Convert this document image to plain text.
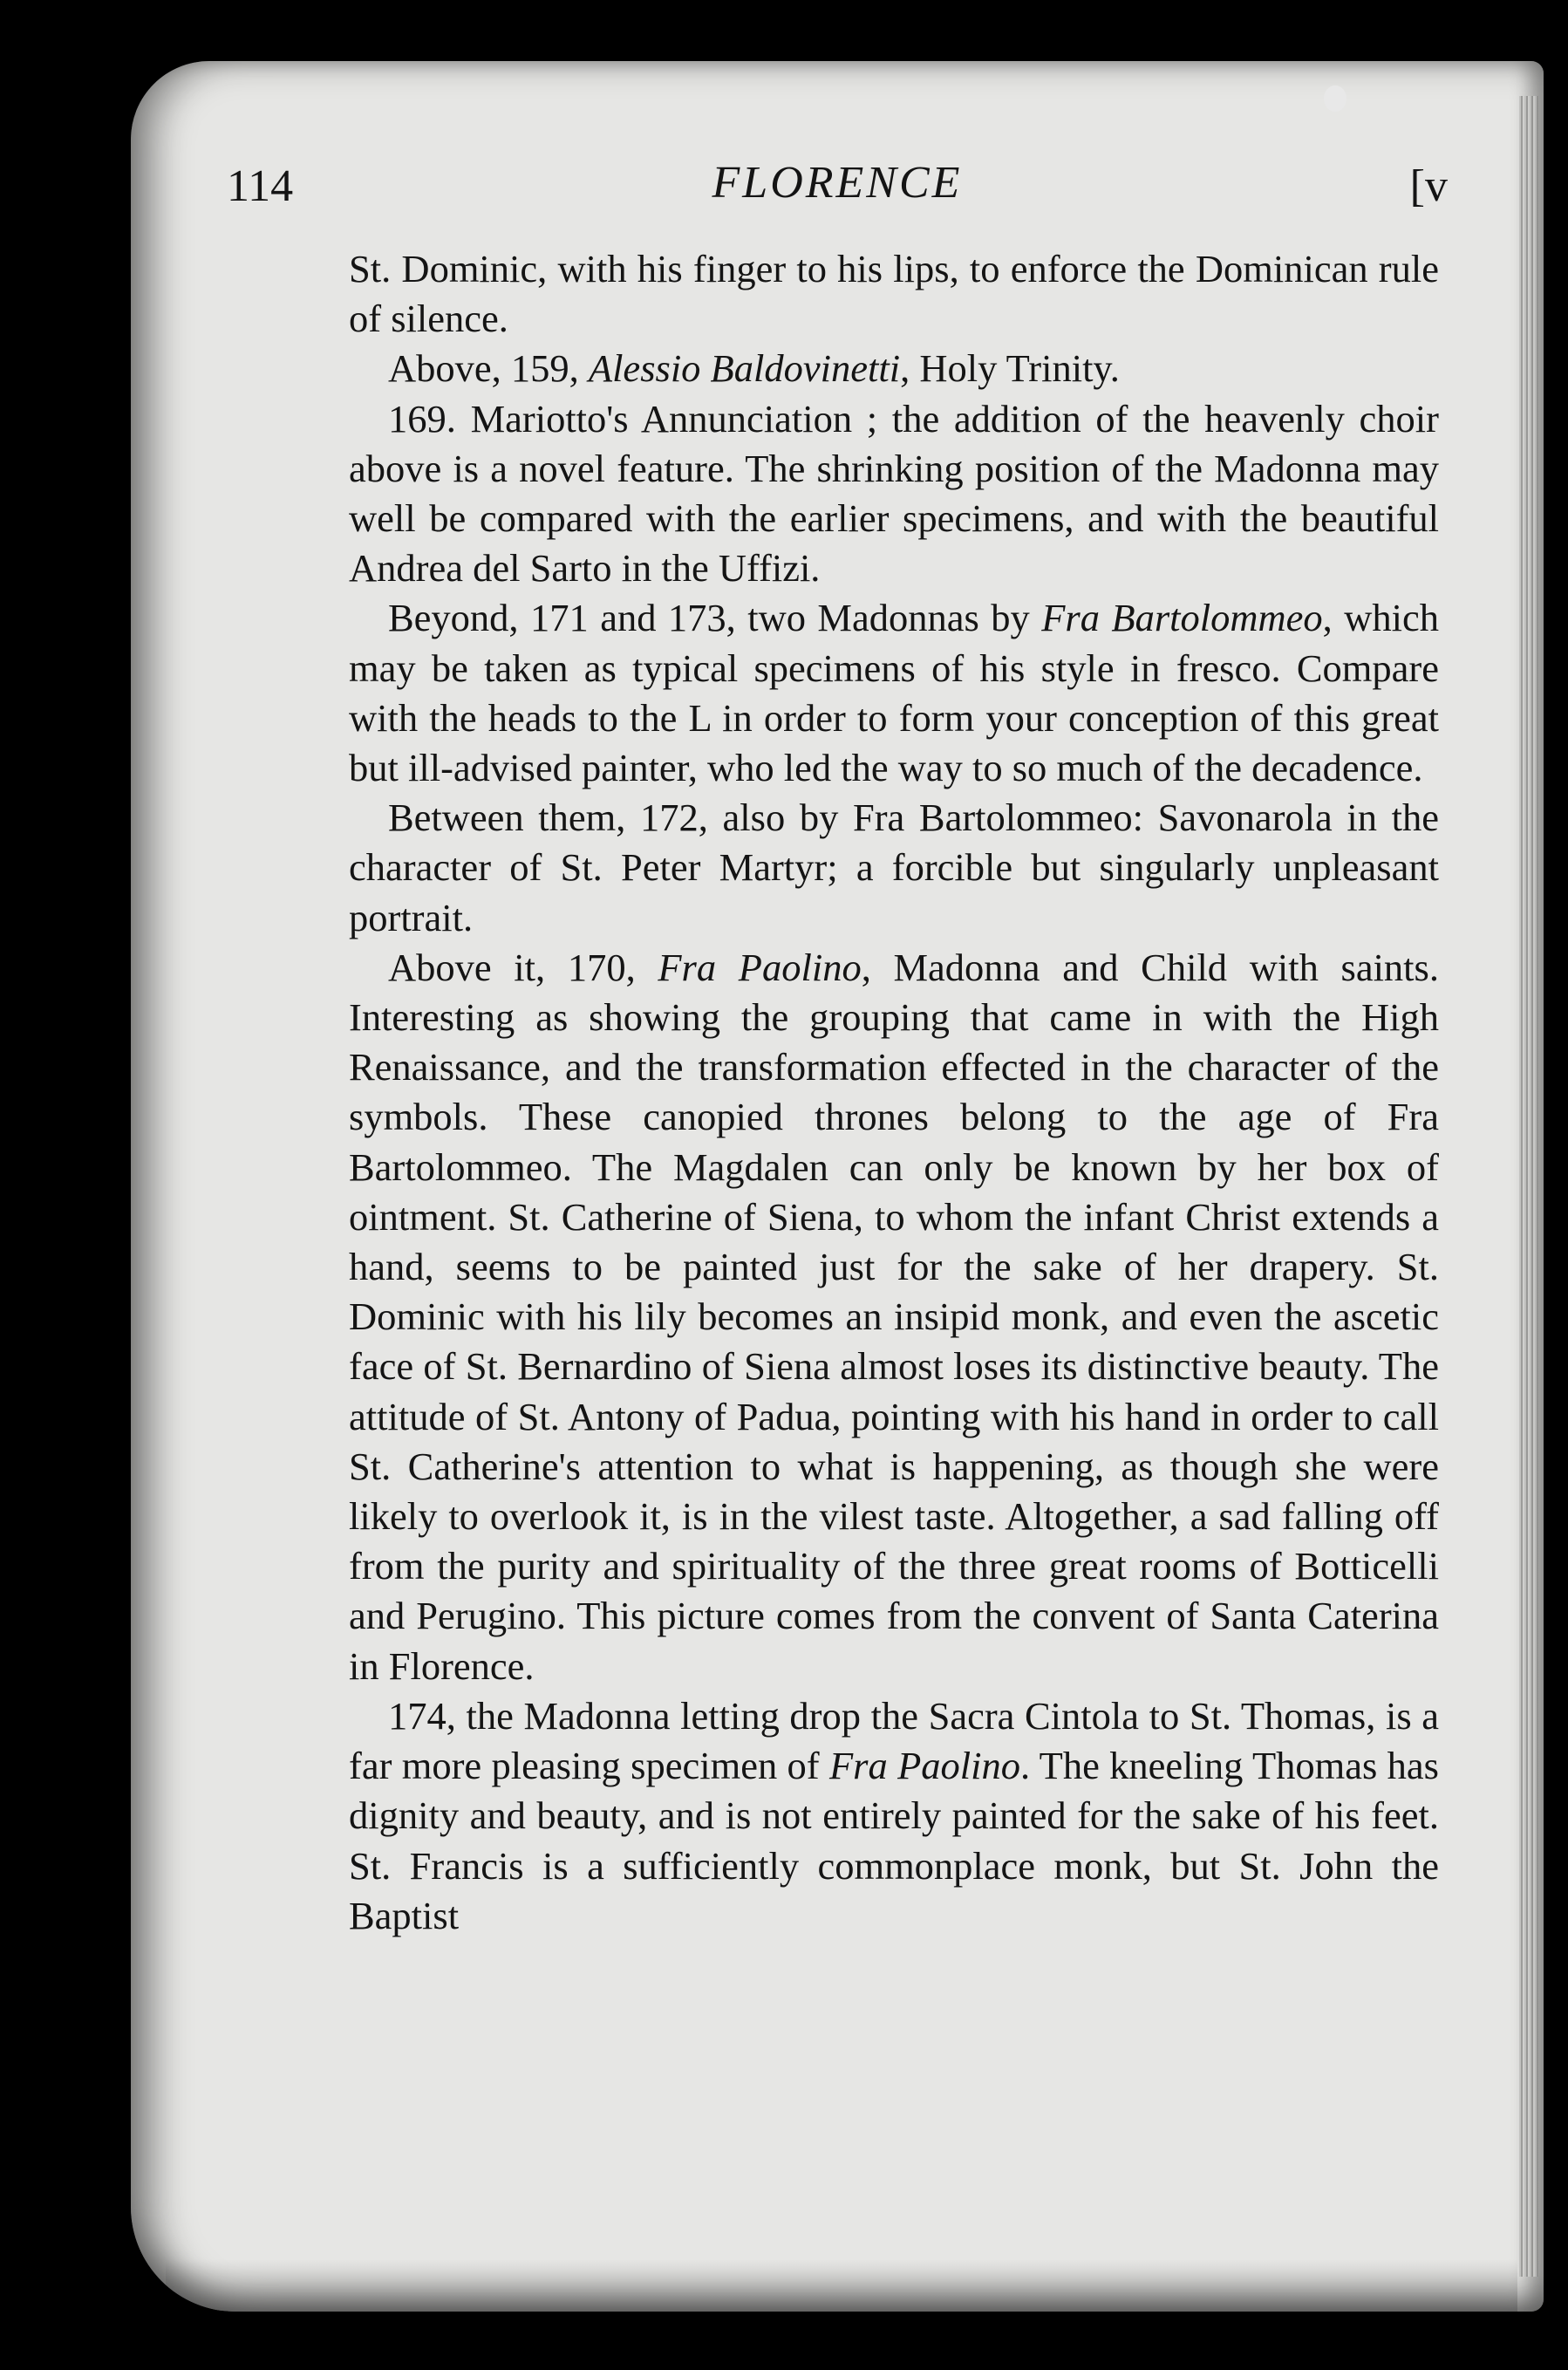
114	FLORENCE	[v

St. Dominic, with his finger to his lips, to enforce the Dominican rule of silence.

Above, 159, Alessio Baldovinetti, Holy Trinity.

169. Mariotto's Annunciation ; the addition of the heavenly choir above is a novel feature. The shrinking position of the Madonna may well be compared with the earlier specimens, and with the beautiful Andrea del Sarto in the Uffizi.

Beyond, 171 and 173, two Madonnas by Fra Bartolommeo, which may be taken as typical specimens of his style in fresco. Compare with the heads to the L in order to form your conception of this great but ill-advised painter, who led the way to so much of the decadence.

Between them, 172, also by Fra Bartolommeo: Savonarola in the character of St. Peter Martyr; a forcible but singularly unpleasant portrait.

Above it, 170, Fra Paolino, Madonna and Child with saints. Interesting as showing the grouping that came in with the High Renaissance, and the transformation effected in the character of the symbols. These canopied thrones belong to the age of Fra Bartolommeo. The Magdalen can only be known by her box of ointment. St. Catherine of Siena, to whom the infant Christ extends a hand, seems to be painted just for the sake of her drapery. St. Dominic with his lily becomes an insipid monk, and even the ascetic face of St. Bernardino of Siena almost loses its distinctive beauty. The attitude of St. Antony of Padua, pointing with his hand in order to call St. Catherine's attention to what is happening, as though she were likely to overlook it, is in the vilest taste. Altogether, a sad falling off from the purity and spirituality of the three great rooms of Botticelli and Perugino. This picture comes from the convent of Santa Caterina in Florence.

174, the Madonna letting drop the Sacra Cintola to St. Thomas, is a far more pleasing specimen of Fra Paolino. The kneeling Thomas has dignity and beauty, and is not entirely painted for the sake of his feet. St. Francis is a sufficiently commonplace monk, but St. John the Baptist
